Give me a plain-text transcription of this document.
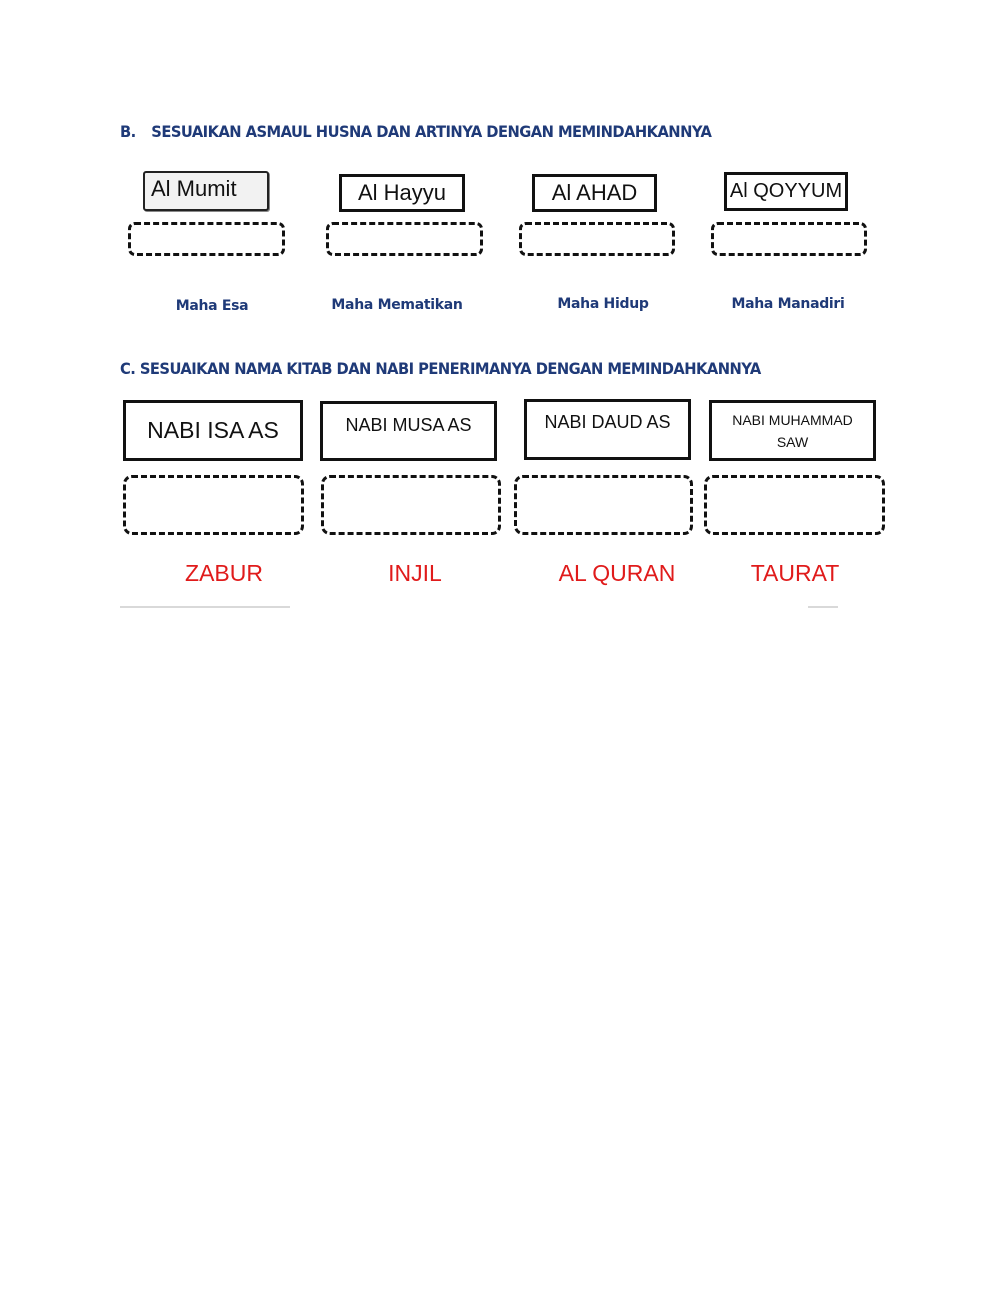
B. SESUAIKAN ASMAUL HUSNA DAN ARTINYA DENGAN MEMINDAHKANNYA
Al Mumit	Al Hayyu	Al AHAD	Al QOYYUM
Maha Esa	Maha Mematikan	Maha Hidup	Maha Manadiri
C. SESUAIKAN NAMA KITAB DAN NABI PENERIMANYA DENGAN MEMINDAHKANNYA
NABI ISA AS	NABI MUSA AS	NABI DAUD AS	NABI MUHAMMAD SAW
ZABUR	INJIL	AL QURAN	TAURAT
